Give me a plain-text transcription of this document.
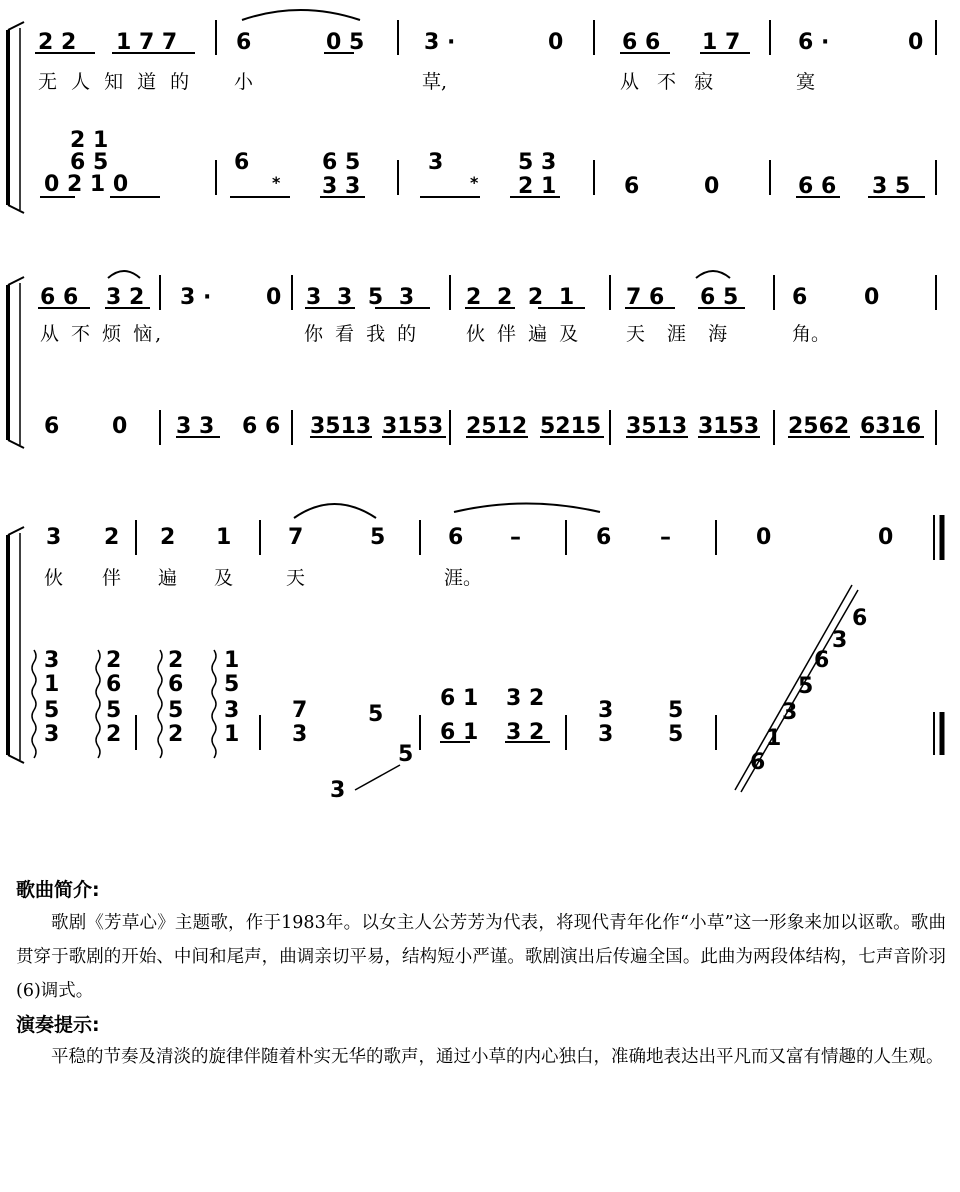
2 2 1 7 7	6	0 5	3 ·	0	6 6 1 7	6 ·	0
无 人 知 道 的 小	草,	从 不 寂	寞
2 1
6 5
0 2 1 0
6
*
6 5
3 3
3
*
5 3
2 1	6	0	6 6 3 5
6 6 3 2 3 · 0 3 3 5 3 2 2 2 1 7 6 6 5 6	0
从 不 烦 恼,	你 看 我 的 伙 伴 遍 及 天 涯 海	角。
6 0 3 3 6 6 3513 3153 2512 5215 3513 3153 2562 6316
3 2 2 1	7	5	6 –	6 –	0	0
伙 伴 遍 及	天	涯。
3
1
5
3
2
6
5
2
2
6
5
2
1
5
3
1
7
3
5
5
3
6 1 3 2
6 1 3 2
3 5
3 5
6
1
3
5
6
3
6
歌曲简介:
歌剧《芳草心》主题歌，作于1983年。以女主人公芳芳为代表，将现代青年化作“小草”这一形象来加以讴歌。歌曲贯穿于歌剧的开始、中间和尾声，曲调亲切平易，结构短小严谨。歌剧演出后传遍全国。此曲为两段体结构，七声音阶羽(6)调式。
演奏提示:
平稳的节奏及清淡的旋律伴随着朴实无华的歌声，通过小草的内心独白，准确地表达出平凡而又富有情趣的人生观。
